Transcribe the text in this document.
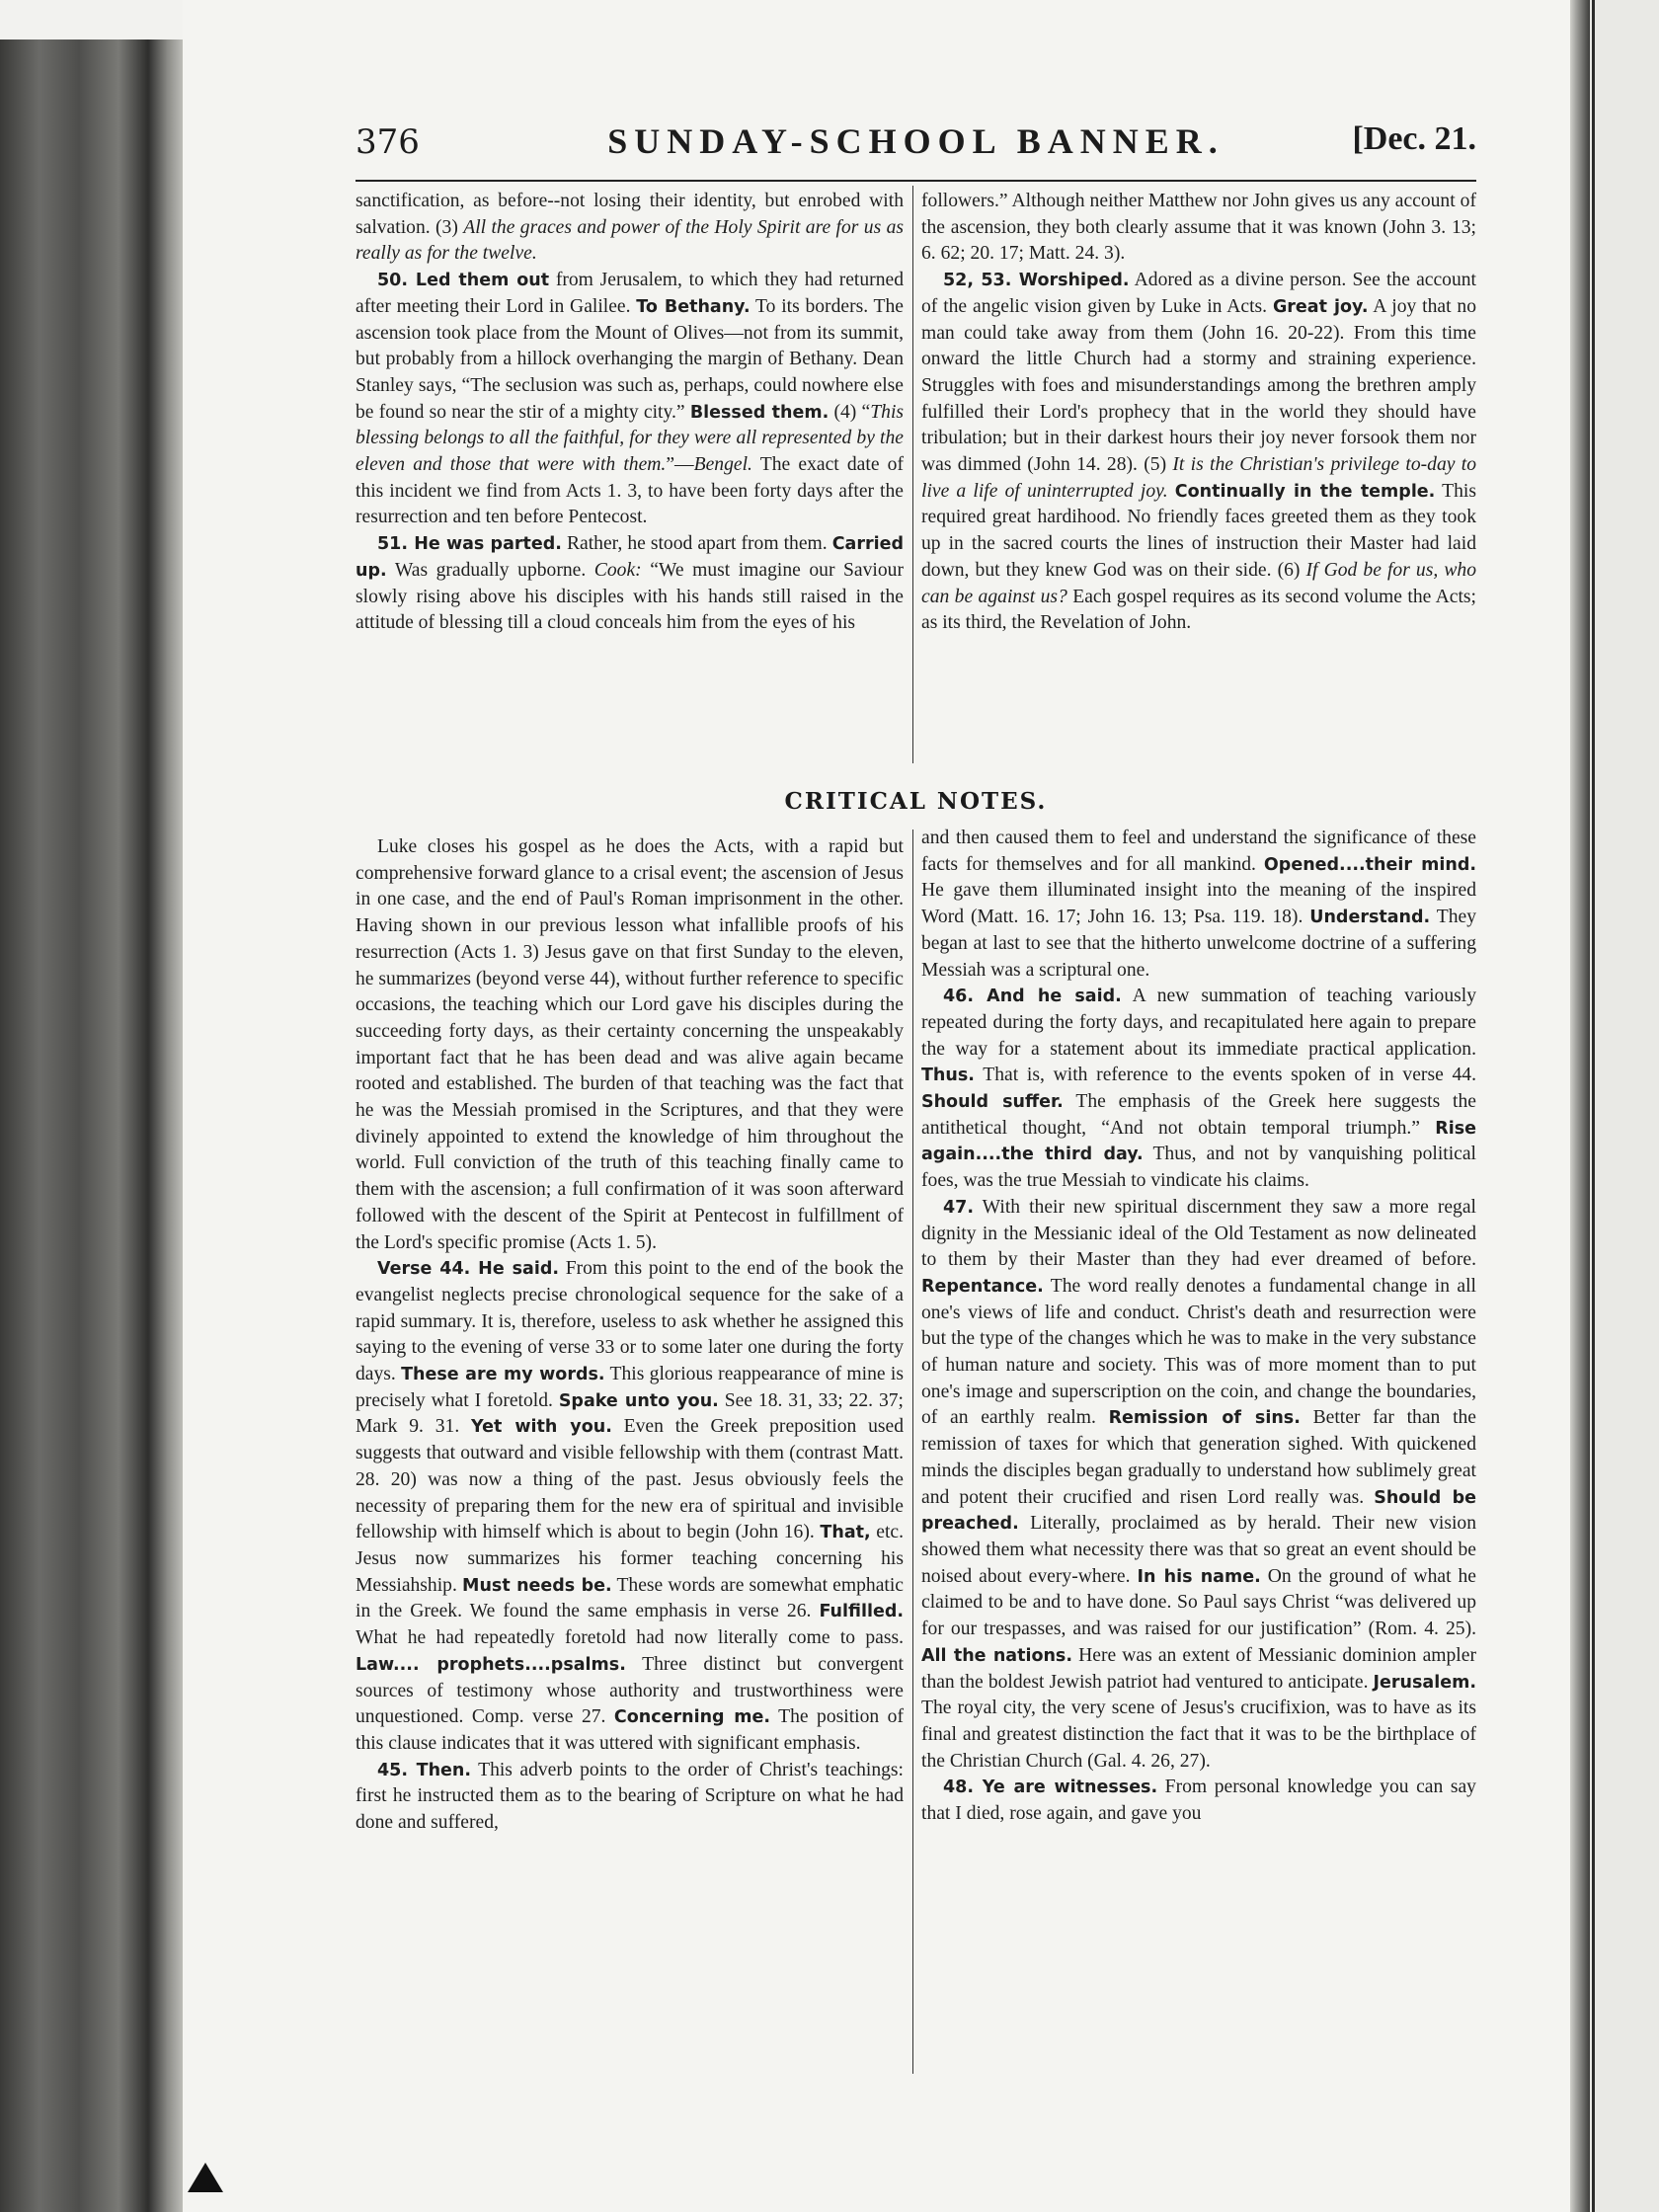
376	SUNDAY-SCHOOL BANNER.	[Dec. 21.

sanctification, as before--not losing their identity, but enrobed with salvation. (3) All the graces and power of the Holy Spirit are for us as really as for the twelve.

50. Led them out from Jerusalem, to which they had returned after meeting their Lord in Galilee. To Bethany. To its borders. The ascension took place from the Mount of Olives—not from its summit, but probably from a hillock overhanging the margin of Bethany. Dean Stanley says, “The seclusion was such as, perhaps, could nowhere else be found so near the stir of a mighty city.” Blessed them. (4) “This blessing belongs to all the faithful, for they were all represented by the eleven and those that were with them.”—Bengel. The exact date of this incident we find from Acts 1. 3, to have been forty days after the resurrection and ten before Pentecost.

51. He was parted. Rather, he stood apart from them. Carried up. Was gradually upborne. Cook: “We must imagine our Saviour slowly rising above his disciples with his hands still raised in the attitude of blessing till a cloud conceals him from the eyes of his

followers.” Although neither Matthew nor John gives us any account of the ascension, they both clearly assume that it was known (John 3. 13; 6. 62; 20. 17; Matt. 24. 3).

52, 53. Worshiped. Adored as a divine person. See the account of the angelic vision given by Luke in Acts. Great joy. A joy that no man could take away from them (John 16. 20-22). From this time onward the little Church had a stormy and straining experience. Struggles with foes and misunderstandings among the brethren amply fulfilled their Lord's prophecy that in the world they should have tribulation; but in their darkest hours their joy never forsook them nor was dimmed (John 14. 28). (5) It is the Christian's privilege to-day to live a life of uninterrupted joy. Continually in the temple. This required great hardihood. No friendly faces greeted them as they took up in the sacred courts the lines of instruction their Master had laid down, but they knew God was on their side. (6) If God be for us, who can be against us? Each gospel requires as its second volume the Acts; as its third, the Revelation of John.

CRITICAL NOTES.

Luke closes his gospel as he does the Acts, with a rapid but comprehensive forward glance to a crisal event; the ascension of Jesus in one case, and the end of Paul's Roman imprisonment in the other. Having shown in our previous lesson what infallible proofs of his resurrection (Acts 1. 3) Jesus gave on that first Sunday to the eleven, he summarizes (beyond verse 44), without further reference to specific occasions, the teaching which our Lord gave his disciples during the succeeding forty days, as their certainty concerning the unspeakably important fact that he has been dead and was alive again became rooted and established. The burden of that teaching was the fact that he was the Messiah promised in the Scriptures, and that they were divinely appointed to extend the knowledge of him throughout the world. Full conviction of the truth of this teaching finally came to them with the ascension; a full confirmation of it was soon afterward followed with the descent of the Spirit at Pentecost in fulfillment of the Lord's specific promise (Acts 1. 5).

Verse 44. He said. From this point to the end of the book the evangelist neglects precise chronological sequence for the sake of a rapid summary. It is, therefore, useless to ask whether he assigned this saying to the evening of verse 33 or to some later one during the forty days. These are my words. This glorious reappearance of mine is precisely what I foretold. Spake unto you. See 18. 31, 33; 22. 37; Mark 9. 31. Yet with you. Even the Greek preposition used suggests that outward and visible fellowship with them (contrast Matt. 28. 20) was now a thing of the past. Jesus obviously feels the necessity of preparing them for the new era of spiritual and invisible fellowship with himself which is about to begin (John 16). That, etc. Jesus now summarizes his former teaching concerning his Messiahship. Must needs be. These words are somewhat emphatic in the Greek. We found the same emphasis in verse 26. Fulfilled. What he had repeatedly foretold had now literally come to pass. Law.... prophets....psalms. Three distinct but convergent sources of testimony whose authority and trustworthiness were unquestioned. Comp. verse 27. Concerning me. The position of this clause indicates that it was uttered with significant emphasis.

45. Then. This adverb points to the order of Christ's teachings: first he instructed them as to the bearing of Scripture on what he had done and suffered,

and then caused them to feel and understand the significance of these facts for themselves and for all mankind. Opened....their mind. He gave them illuminated insight into the meaning of the inspired Word (Matt. 16. 17; John 16. 13; Psa. 119. 18). Understand. They began at last to see that the hitherto unwelcome doctrine of a suffering Messiah was a scriptural one.

46. And he said. A new summation of teaching variously repeated during the forty days, and recapitulated here again to prepare the way for a statement about its immediate practical application. Thus. That is, with reference to the events spoken of in verse 44. Should suffer. The emphasis of the Greek here suggests the antithetical thought, “And not obtain temporal triumph.” Rise again....the third day. Thus, and not by vanquishing political foes, was the true Messiah to vindicate his claims.

47. With their new spiritual discernment they saw a more regal dignity in the Messianic ideal of the Old Testament as now delineated to them by their Master than they had ever dreamed of before. Repentance. The word really denotes a fundamental change in all one's views of life and conduct. Christ's death and resurrection were but the type of the changes which he was to make in the very substance of human nature and society. This was of more moment than to put one's image and superscription on the coin, and change the boundaries, of an earthly realm. Remission of sins. Better far than the remission of taxes for which that generation sighed. With quickened minds the disciples began gradually to understand how sublimely great and potent their crucified and risen Lord really was. Should be preached. Literally, proclaimed as by herald. Their new vision showed them what necessity there was that so great an event should be noised about every-where. In his name. On the ground of what he claimed to be and to have done. So Paul says Christ “was delivered up for our trespasses, and was raised for our justification” (Rom. 4. 25). All the nations. Here was an extent of Messianic dominion ampler than the boldest Jewish patriot had ventured to anticipate. Jerusalem. The royal city, the very scene of Jesus's crucifixion, was to have as its final and greatest distinction the fact that it was to be the birthplace of the Christian Church (Gal. 4. 26, 27).

48. Ye are witnesses. From personal knowledge you can say that I died, rose again, and gave you
